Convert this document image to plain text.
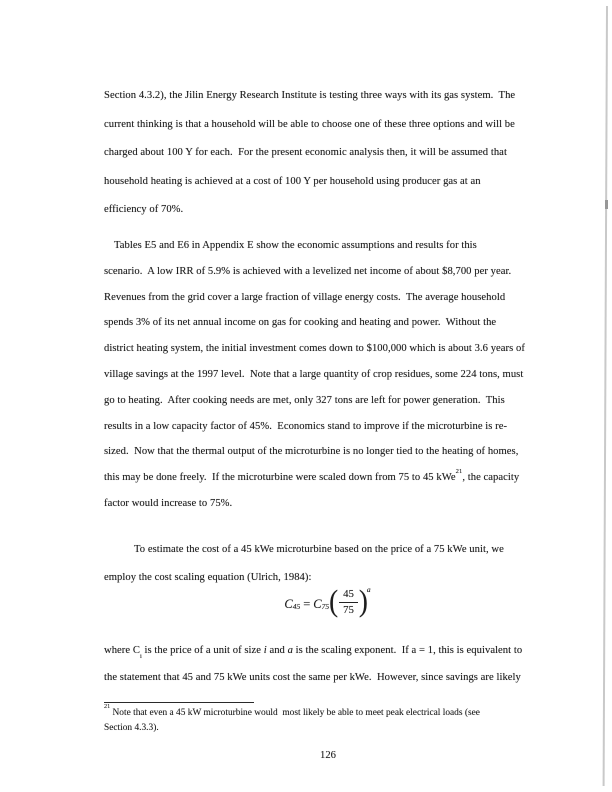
Section 4.3.2), the Jilin Energy Research Institute is testing three ways with its gas system.  The
current thinking is that a household will be able to choose one of these three options and will be
charged about 100 Y for each.  For the present economic analysis then, it will be assumed that
household heating is achieved at a cost of 100 Y per household using producer gas at an
efficiency of 70%.
Tables E5 and E6 in Appendix E show the economic assumptions and results for this
scenario.  A low IRR of 5.9% is achieved with a levelized net income of about $8,700 per year.
Revenues from the grid cover a large fraction of village energy costs.  The average household
spends 3% of its net annual income on gas for cooking and heating and power.  Without the
district heating system, the initial investment comes down to $100,000 which is about 3.6 years of
village savings at the 1997 level.  Note that a large quantity of crop residues, some 224 tons, must
go to heating.  After cooking needs are met, only 327 tons are left for power generation.  This
results in a low capacity factor of 45%.  Economics stand to improve if the microturbine is re-
sized.  Now that the thermal output of the microturbine is no longer tied to the heating of homes,
this may be done freely.  If the microturbine were scaled down from 75 to 45 kWe$^{21}$, the capacity
factor would increase to 75%.
To estimate the cost of a 45 kWe microturbine based on the price of a 75 kWe unit, we
employ the cost scaling equation (Ulrich, 1984):
C 45 = C 75 ( $\frac{45}{75}$ ) a
where $C_i$ is the price of a unit of size i and a is the scaling exponent.  If a = 1, this is equivalent to
the statement that 45 and 75 kWe units cost the same per kWe.  However, since savings are likely
$^{21}$ Note that even a 45 kW microturbine would  most likely be able to meet peak electrical loads (see
Section 4.3.3).
126
